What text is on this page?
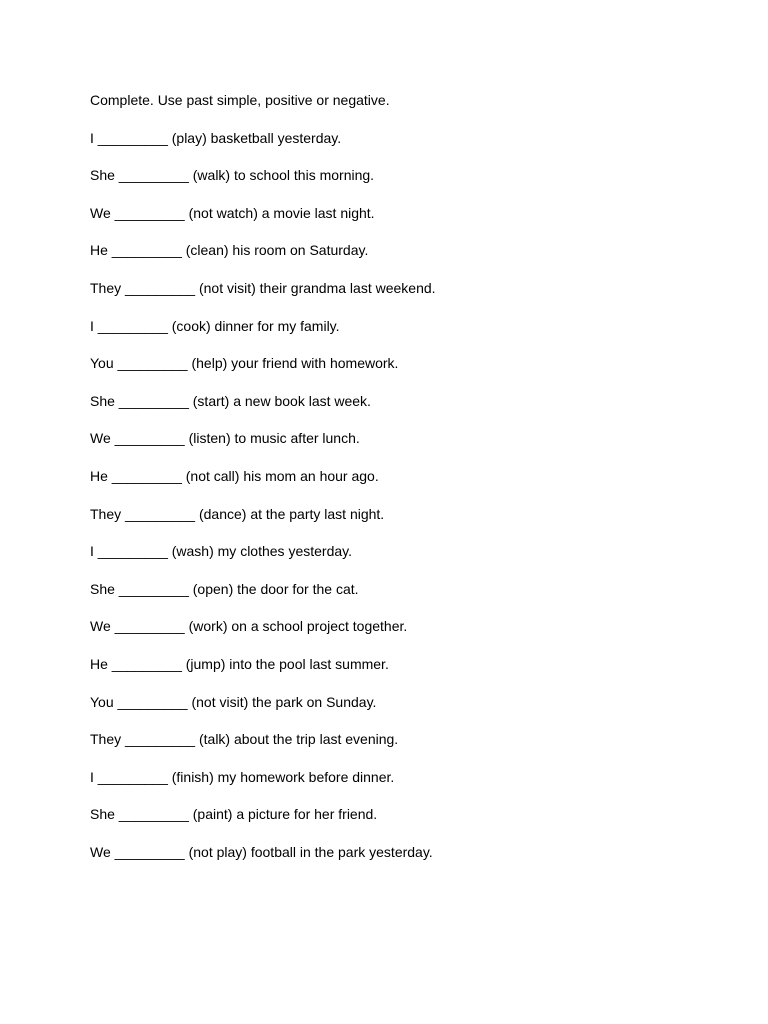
Complete. Use past simple, positive or negative.

I _________ (play) basketball yesterday.

She _________ (walk) to school this morning.

We _________ (not watch) a movie last night.

He _________ (clean) his room on Saturday.

They _________ (not visit) their grandma last weekend.

I _________ (cook) dinner for my family.

You _________ (help) your friend with homework.

She _________ (start) a new book last week.

We _________ (listen) to music after lunch.

He _________ (not call) his mom an hour ago.

They _________ (dance) at the party last night.

I _________ (wash) my clothes yesterday.

She _________ (open) the door for the cat.

We _________ (work) on a school project together.

He _________ (jump) into the pool last summer.

You _________ (not visit) the park on Sunday.

They _________ (talk) about the trip last evening.

I _________ (finish) my homework before dinner.

She _________ (paint) a picture for her friend.

We _________ (not play) football in the park yesterday.
